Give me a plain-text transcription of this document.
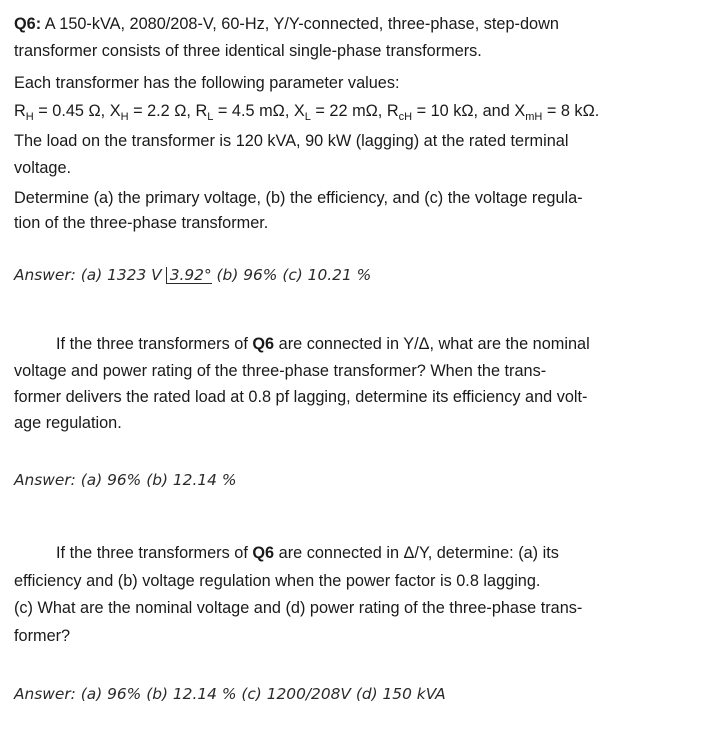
Q6: A 150-kVA, 2080/208-V, 60-Hz, Y/Y-connected, three-phase, step-down
transformer consists of three identical single-phase transformers.
Each transformer has the following parameter values:
$R_H = 0.45$ Ω, $X_H = 2.2$ Ω, $R_L = 4.5$ mΩ, $X_L = 22$ mΩ, $R_{cH} = 10$ kΩ, and $X_{mH} = 8$ kΩ.
The load on the transformer is 120 kVA, 90 kW (lagging) at the rated terminal
voltage.
Determine (a) the primary voltage, (b) the efficiency, and (c) the voltage regula-
tion of the three-phase transformer.
Answer: (a) 1323 V 3.92° (b) 96% (c) 10.21 %
If the three transformers of Q6 are connected in Y/Δ, what are the nominal
voltage and power rating of the three-phase transformer? When the trans-
former delivers the rated load at 0.8 pf lagging, determine its efficiency and volt-
age regulation.
Answer: (a) 96% (b) 12.14 %
If the three transformers of Q6 are connected in Δ/Y, determine: (a) its
efficiency and (b) voltage regulation when the power factor is 0.8 lagging.
(c) What are the nominal voltage and (d) power rating of the three-phase trans-
former?
Answer: (a) 96% (b) 12.14 % (c) 1200/208V (d) 150 kVA
